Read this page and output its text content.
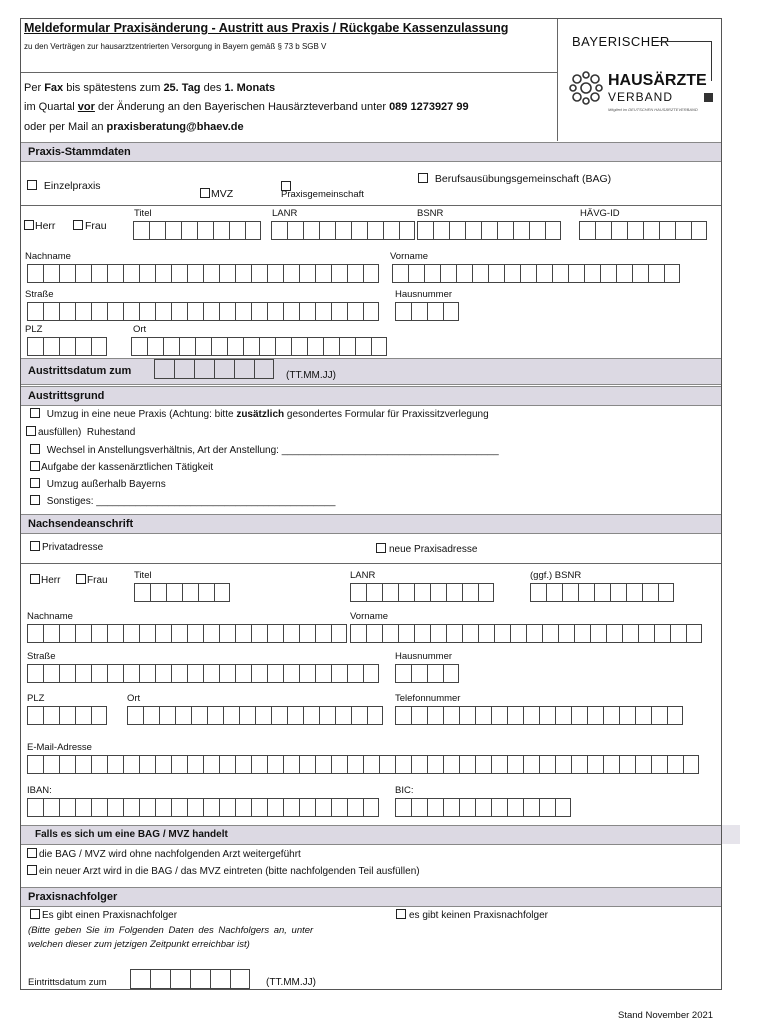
Meldeformular Praxisänderung - Austritt aus Praxis / Rückgabe Kassenzulassung
zu den Verträgen zur hausarztzentrierten Versorgung in Bayern gemäß § 73 b SGB V
Per Fax bis spätestens zum 25. Tag des 1. Monats
im Quartal vor der Änderung an den Bayerischen Hausärzteverband unter 089 1273927 99
oder per Mail an praxisberatung@bhaev.de
BAYERISCHER
HAUSÄRZTE
VERBAND
Mitglied im DEUTSCHEN HAUSÄRZTEVERBAND
Praxis-Stammdaten
Einzelpraxis
MVZ	Praxisgemeinschaft
Berufsausübungsgemeinschaft (BAG)
Herr	Frau
Titel	LANR	BSNR	HÄVG-ID
Nachname	Vorname
Straße	Hausnummer
PLZ	Ort
Austrittsdatum zum	(TT.MM.JJ)
Austrittsgrund
Umzug in eine neue Praxis (Achtung: bitte zusätzlich gesondertes Formular für Praxissitzverlegung
ausfüllen) Ruhestand
Wechsel in Anstellungsverhältnis, Art der Anstellung: _______________________________________
Aufgabe der kassenärztlichen Tätigkeit
Umzug außerhalb Bayerns
Sonstiges: ___________________________________________
Nachsendeanschrift
Privatadresse	neue Praxisadresse
Herr	Frau	Titel	LANR	(ggf.) BSNR
Nachname	Vorname
Straße	Hausnummer
PLZ	Ort	Telefonnummer
E-Mail-Adresse
IBAN:	BIC:
Falls es sich um eine BAG / MVZ handelt
die BAG / MVZ wird ohne nachfolgenden Arzt weitergeführt
ein neuer Arzt wird in die BAG / das MVZ eintreten (bitte nachfolgenden Teil ausfüllen)
Praxisnachfolger
Es gibt einen Praxisnachfolger	es gibt keinen Praxisnachfolger
(Bitte geben Sie im Folgenden Daten des Nachfolgers an, unter
welchen dieser zum jetzigen Zeitpunkt erreichbar ist)
Eintrittsdatum zum	(TT.MM.JJ)
Stand November 2021
